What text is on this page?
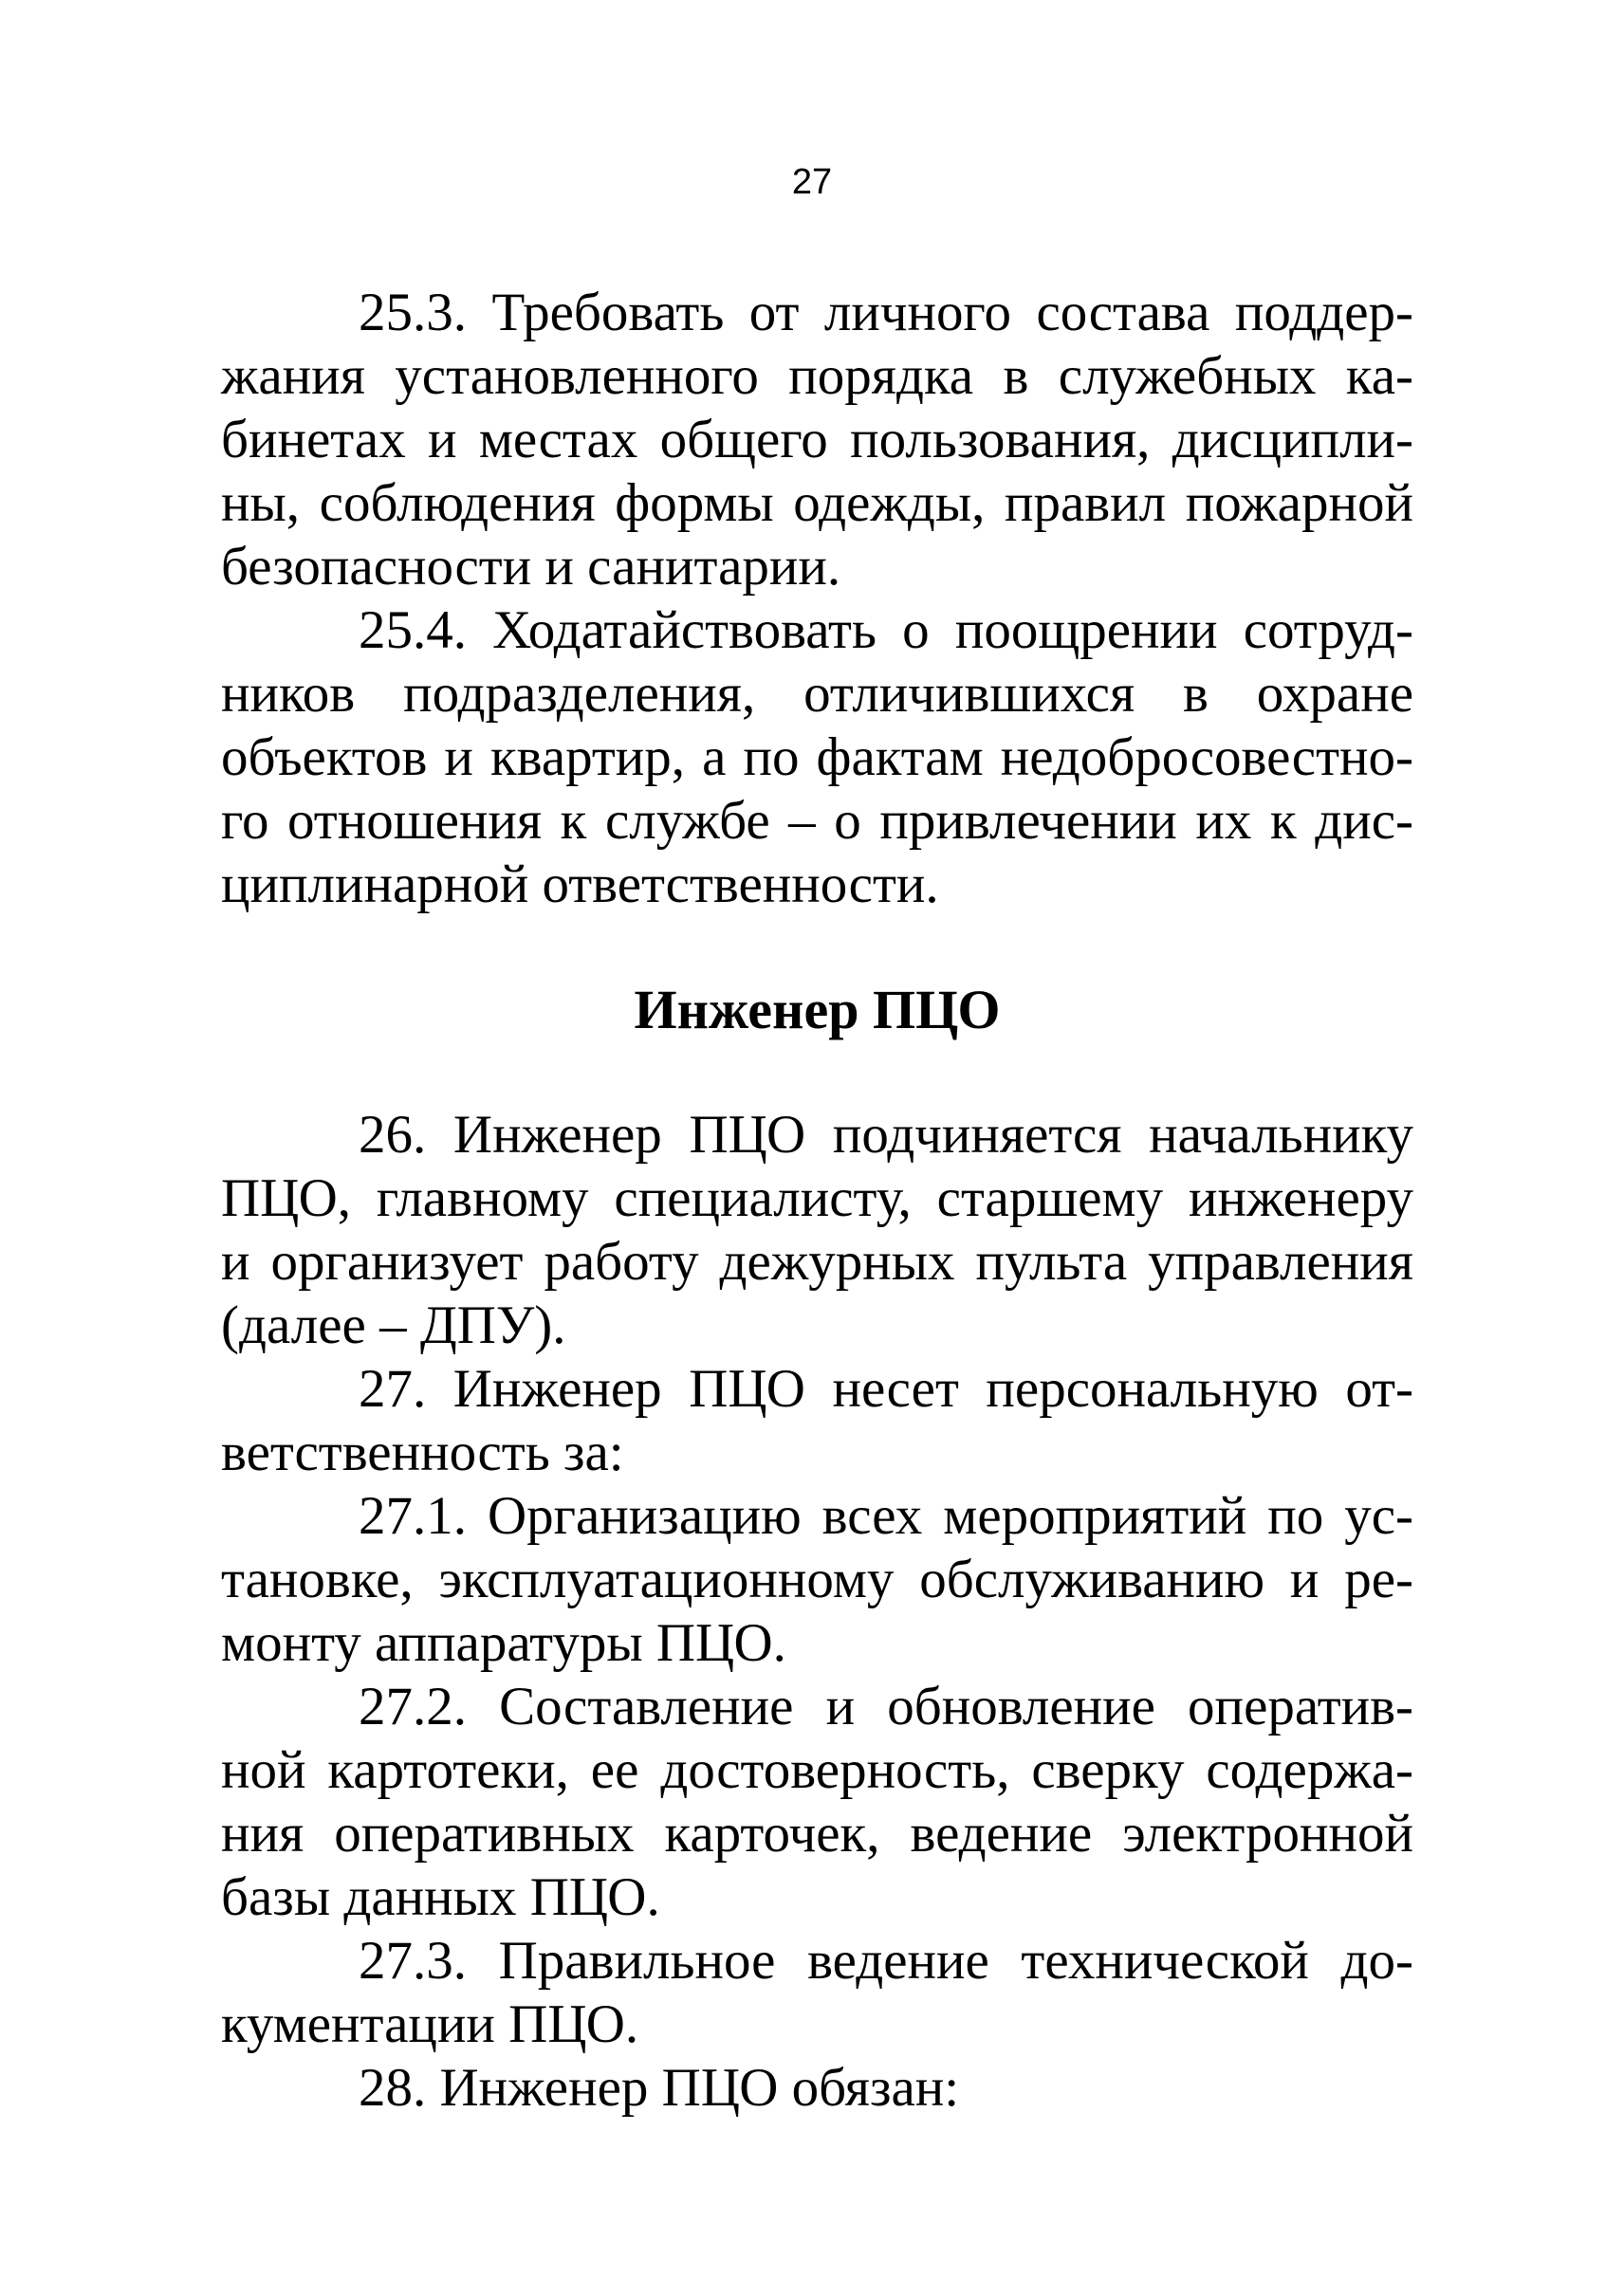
27
25.3. Требовать от личного состава поддер-
жания установленного порядка в служебных ка-
бинетах и местах общего пользования, дисципли-
ны, соблюдения формы одежды, правил пожарной
безопасности и санитарии.
25.4. Ходатайствовать о поощрении сотруд-
ников подразделения, отличившихся в охране
объектов и квартир, а по фактам недобросовестно-
го отношения к службе – о привлечении их к дис-
циплинарной ответственности.
Инженер ПЦО
26. Инженер ПЦО подчиняется начальнику
ПЦО, главному специалисту, старшему инженеру
и организует работу дежурных пульта управления
(далее – ДПУ).
27. Инженер ПЦО несет персональную от-
ветственность за:
27.1. Организацию всех мероприятий по ус-
тановке, эксплуатационному обслуживанию и ре-
монту аппаратуры ПЦО.
27.2. Составление и обновление оператив-
ной картотеки, ее достоверность, сверку содержа-
ния оперативных карточек, ведение электронной
базы данных ПЦО.
27.3. Правильное ведение технической до-
кументации ПЦО.
28. Инженер ПЦО обязан:
